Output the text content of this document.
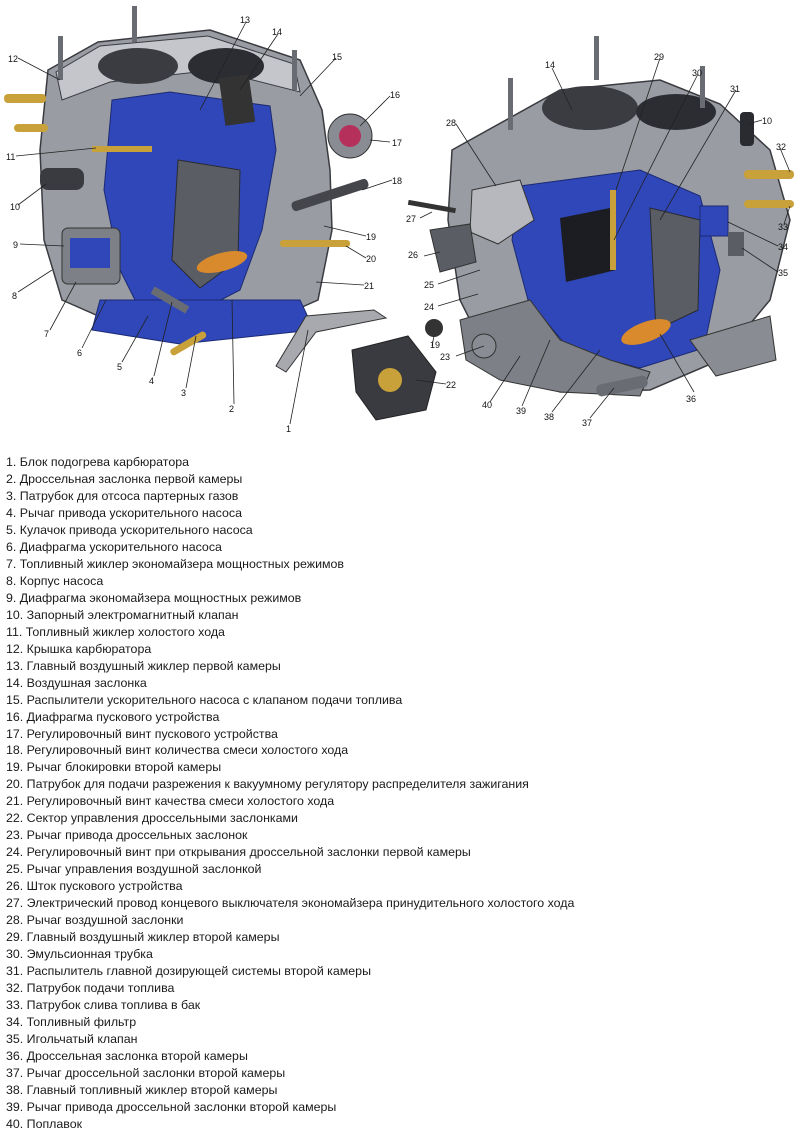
1
2
3
4
5
6
7
8
9
10
11
12
13
14
15
16
17
18
19
20
21
22
14
10
19
23
24
25
26
27
28
29
30
31
32
33
34
35
36
37
38
39
40
1. Блок подогрева карбюратора
2. Дроссельная заслонка первой камеры
3. Патрубок для отсоса партерных газов
4. Рычаг привода ускорительного насоса
5. Кулачок привода ускорительного насоса
6. Диафрагма ускорительного насоса
7. Топливный жиклер экономайзера мощностных режимов
8. Корпус насоса
9. Диафрагма экономайзера мощностных режимов
10. Запорный электромагнитный клапан
11. Топливный жиклер холостого хода
12. Крышка карбюратора
13. Главный воздушный жиклер первой камеры
14. Воздушная заслонка
15. Распылители ускорительного насоса с клапаном подачи топлива
16. Диафрагма пускового устройства
17. Регулировочный винт пускового устройства
18. Регулировочный винт количества смеси холостого хода
19. Рычаг блокировки второй камеры
20. Патрубок для подачи разрежения к вакуумному регулятору распределителя зажигания
21. Регулировочный винт качества смеси холостого хода
22. Сектор управления дроссельными заслонками
23. Рычаг привода дроссельных заслонок
24. Регулировочный винт при открывания дроссельной заслонки первой камеры
25. Рычаг управления воздушной заслонкой
26. Шток пускового устройства
27. Электрический провод концевого выключателя экономайзера принудительного холостого хода
28. Рычаг воздушной заслонки
29. Главный воздушный жиклер второй камеры
30. Эмульсионная трубка
31. Распылитель главной дозирующей системы второй камеры
32. Патрубок подачи топлива
33. Патрубок слива топлива в бак
34. Топливный фильтр
35. Игольчатый клапан
36. Дроссельная заслонка второй камеры
37. Рычаг дроссельной заслонки второй камеры
38. Главный топливный жиклер второй камеры
39. Рычаг привода дроссельной заслонки второй камеры
40. Поплавок
